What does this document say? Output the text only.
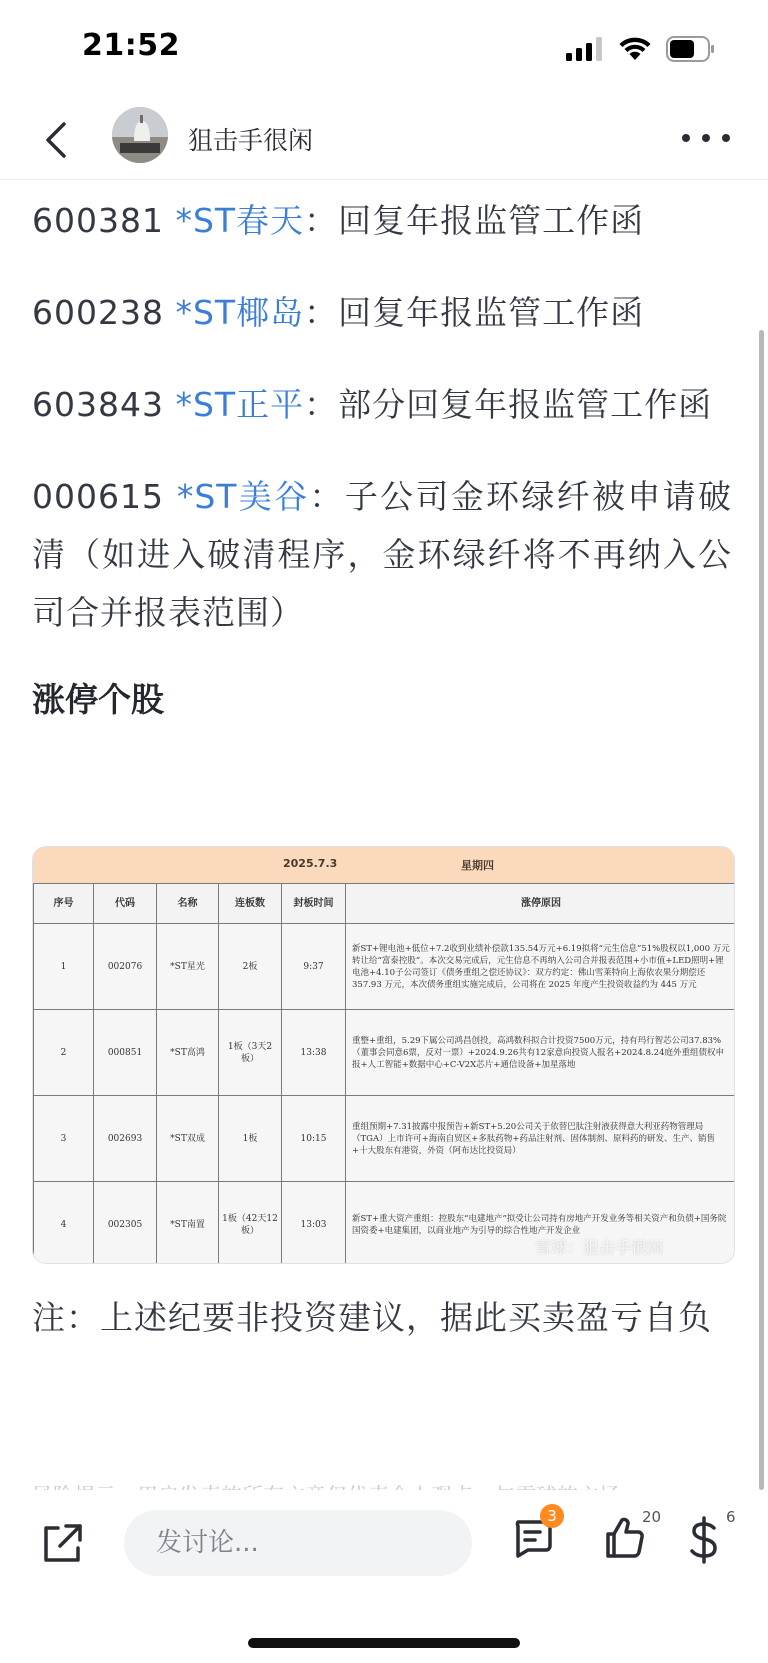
21:52
狙击手很闲

600381 *ST春天：回复年报监管工作函

600238 *ST椰岛：回复年报监管工作函

603843 *ST正平：部分回复年报监管工作函

000615 *ST美谷：子公司金环绿纤被申请破清（如进入破清程序，金环绿纤将不再纳入公司合并报表范围）

涨停个股
2025.7.3	星期四
序号	代码	名称	连板数	封板时间	涨停原因
1	002076	*ST星光	2板	9:37	新ST+锂电池+低位+7.2收到业绩补偿款135.54万元+6.19拟将“元生信息”51%股权以1,000 万元转让给“富泰控股”。本次交易完成后，元生信息不再纳入公司合并报表范围+小市值+LED照明+锂电池+4.10子公司签订《债务重组之偿还协议》：双方约定：佛山雪莱特向上海依农果分期偿还357.93 万元，本次债务重组实施完成后，公司将在 2025 年度产生投资收益约为 445 万元
2	000851	*ST高鸿	1板（3天2板）	13:38	重整+重组，5.29下属公司鸿昌创投，高鸿数科拟合计投资7500万元，持有玛行智芯公司37.83%（董事会同意6票，反对一票）+2024.9.26共有12家意向投资人报名+2024.8.24庭外重组债权申报+人工智能+数据中心+C-V2X芯片+通信设备+加星落地
3	002693	*ST双成	1板	10:15	重组预期+7.31披露中报预告+新ST+5.20公司关于依替巴肽注射液获得意大利亚药物管理局（TGA）上市许可+海南自贸区+多肽药物+药品注射剂、固体制剂、原料药的研发、生产、销售+十大股东有港资，外资（阿布达比投资局）
4	002305	*ST南置	1板（42天12板）	13:03	新ST+重大资产重组：控股东“电建地产”拟受让公司持有房地产开发业务等相关资产和负债+国务院国资委+电建集团，以商业地产为引导的综合性地产开发企业
雪球：狙击手很闲

注：上述纪要非投资建议，据此买卖盈亏自负

发讨论...
3	20	6
